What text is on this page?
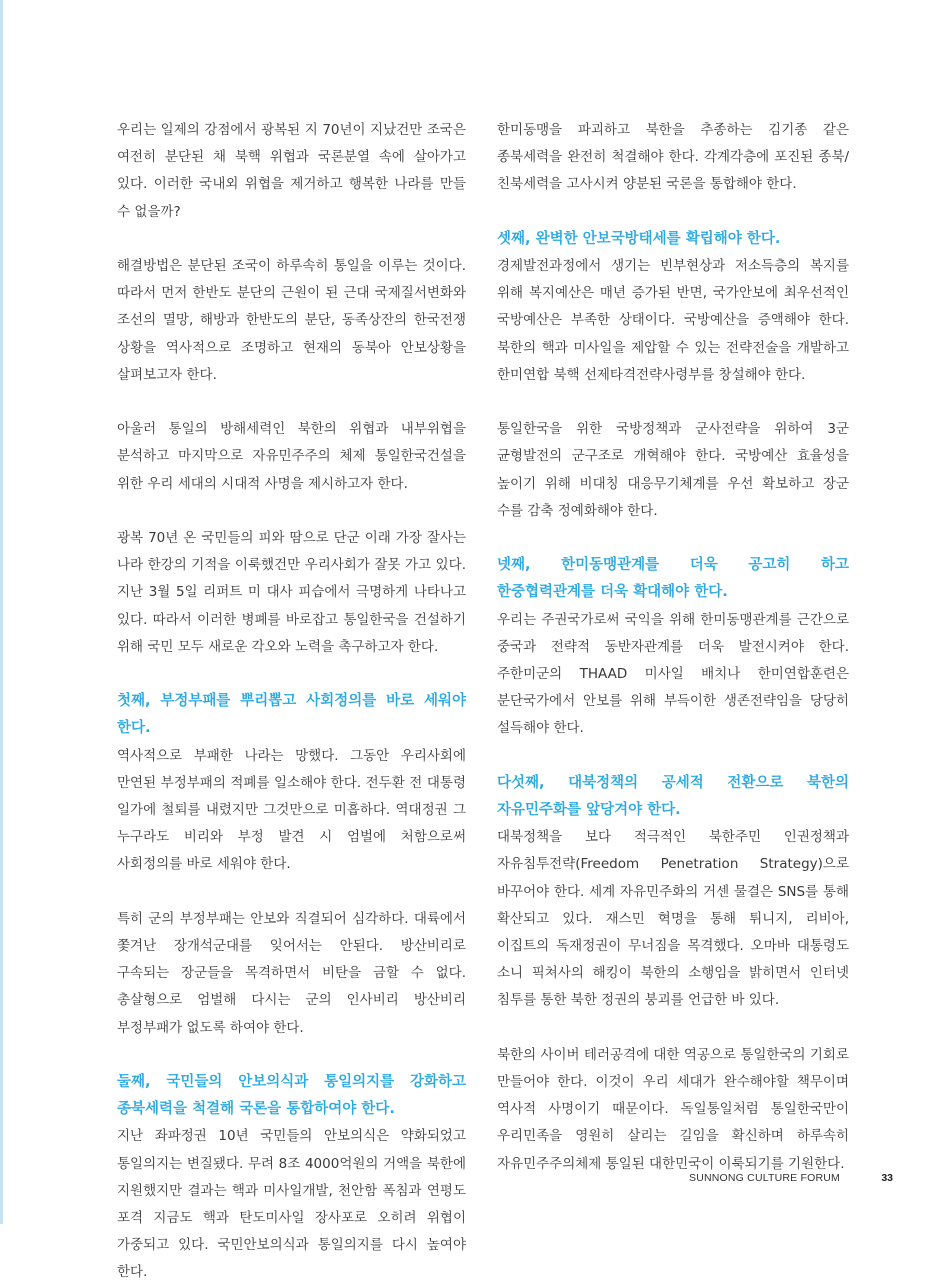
우리는 일제의 강점에서 광복된 지 70년이 지났건만 조국은 여전히 분단된 채 북핵 위협과 국론분열 속에 살아가고 있다. 이러한 국내외 위협을 제거하고 행복한 나라를 만들 수 없을까?

해결방법은 분단된 조국이 하루속히 통일을 이루는 것이다. 따라서 먼저 한반도 분단의 근원이 된 근대 국제질서변화와 조선의 멸망, 해방과 한반도의 분단, 동족상잔의 한국전쟁 상황을 역사적으로 조명하고 현재의 동북아 안보상황을 살펴보고자 한다.

아울러 통일의 방해세력인 북한의 위협과 내부위협을 분석하고 마지막으로 자유민주주의 체제 통일한국건설을 위한 우리 세대의 시대적 사명을 제시하고자 한다.

광복 70년 온 국민들의 피와 땀으로 단군 이래 가장 잘사는 나라 한강의 기적을 이룩했건만 우리사회가 잘못 가고 있다. 지난 3월 5일 리퍼트 미 대사 피습에서 극명하게 나타나고 있다. 따라서 이러한 병폐를 바로잡고 통일한국을 건설하기 위해 국민 모두 새로운 각오와 노력을 촉구하고자 한다.

첫째, 부정부패를 뿌리뽑고 사회정의를 바로 세워야 한다.

역사적으로 부패한 나라는 망했다. 그동안 우리사회에 만연된 부정부패의 적폐를 일소해야 한다. 전두환 전 대통령 일가에 철퇴를 내렸지만 그것만으로 미흡하다. 역대정권 그 누구라도 비리와 부정 발견 시 엄벌에 처함으로써 사회정의를 바로 세워야 한다.

특히 군의 부정부패는 안보와 직결되어 심각하다. 대륙에서 쫓겨난 장개석군대를 잊어서는 안된다. 방산비리로 구속되는 장군들을 목격하면서 비탄을 금할 수 없다. 총살형으로 엄벌해 다시는 군의 인사비리 방산비리 부정부패가 없도록 하여야 한다.

둘째, 국민들의 안보의식과 통일의지를 강화하고 종북세력을 척결해 국론을 통합하여야 한다.

지난 좌파정권 10년 국민들의 안보의식은 약화되었고 통일의지는 변질됐다. 무려 8조 4000억원의 거액을 북한에 지원했지만 결과는 핵과 미사일개발, 천안함 폭침과 연평도 포격 지금도 핵과 탄도미사일 장사포로 오히려 위협이 가중되고 있다. 국민안보의식과 통일의지를 다시 높여야 한다.

한미동맹을 파괴하고 북한을 추종하는 김기종 같은 종북세력을 완전히 척결해야 한다. 각계각층에 포진된 종북/친북세력을 고사시켜 양분된 국론을 통합해야 한다.

셋째, 완벽한 안보국방태세를 확립해야 한다.

경제발전과정에서 생기는 빈부현상과 저소득층의 복지를 위해 복지예산은 매년 증가된 반면, 국가안보에 최우선적인 국방예산은 부족한 상태이다. 국방예산을 증액해야 한다. 북한의 핵과 미사일을 제압할 수 있는 전략전술을 개발하고 한미연합 북핵 선제타격전략사령부를 창설해야 한다.

통일한국을 위한 국방정책과 군사전략을 위하여 3군 균형발전의 군구조로 개혁해야 한다. 국방예산 효율성을 높이기 위해 비대칭 대응무기체계를 우선 확보하고 장군 수를 감축 정예화해야 한다.

넷째, 한미동맹관계를 더욱 공고히 하고 한중협력관계를 더욱 확대해야 한다.

우리는 주권국가로써 국익을 위해 한미동맹관계를 근간으로 중국과 전략적 동반자관계를 더욱 발전시켜야 한다. 주한미군의 THAAD 미사일 배치나 한미연합훈련은 분단국가에서 안보를 위해 부득이한 생존전략임을 당당히 설득해야 한다.

다섯째, 대북정책의 공세적 전환으로 북한의 자유민주화를 앞당겨야 한다.

대북정책을 보다 적극적인 북한주민 인권정책과 자유침투전략(Freedom Penetration Strategy)으로 바꾸어야 한다. 세계 자유민주화의 거센 물결은 SNS를 통해 확산되고 있다. 재스민 혁명을 통해 튀니지, 리비아, 이집트의 독재정권이 무너짐을 목격했다. 오마바 대통령도 소니 픽쳐사의 해킹이 북한의 소행임을 밝히면서 인터넷 침투를 통한 북한 정권의 붕괴를 언급한 바 있다.

북한의 사이버 테러공격에 대한 역공으로 통일한국의 기회로 만들어야 한다. 이것이 우리 세대가 완수해야할 책무이며 역사적 사명이기 때문이다. 독일통일처럼 통일한국만이 우리민족을 영원히 살리는 길임을 확신하며 하루속히 자유민주주의체제 통일된 대한민국이 이룩되기를 기원한다.

SUNNONG CULTURE FORUM	33
